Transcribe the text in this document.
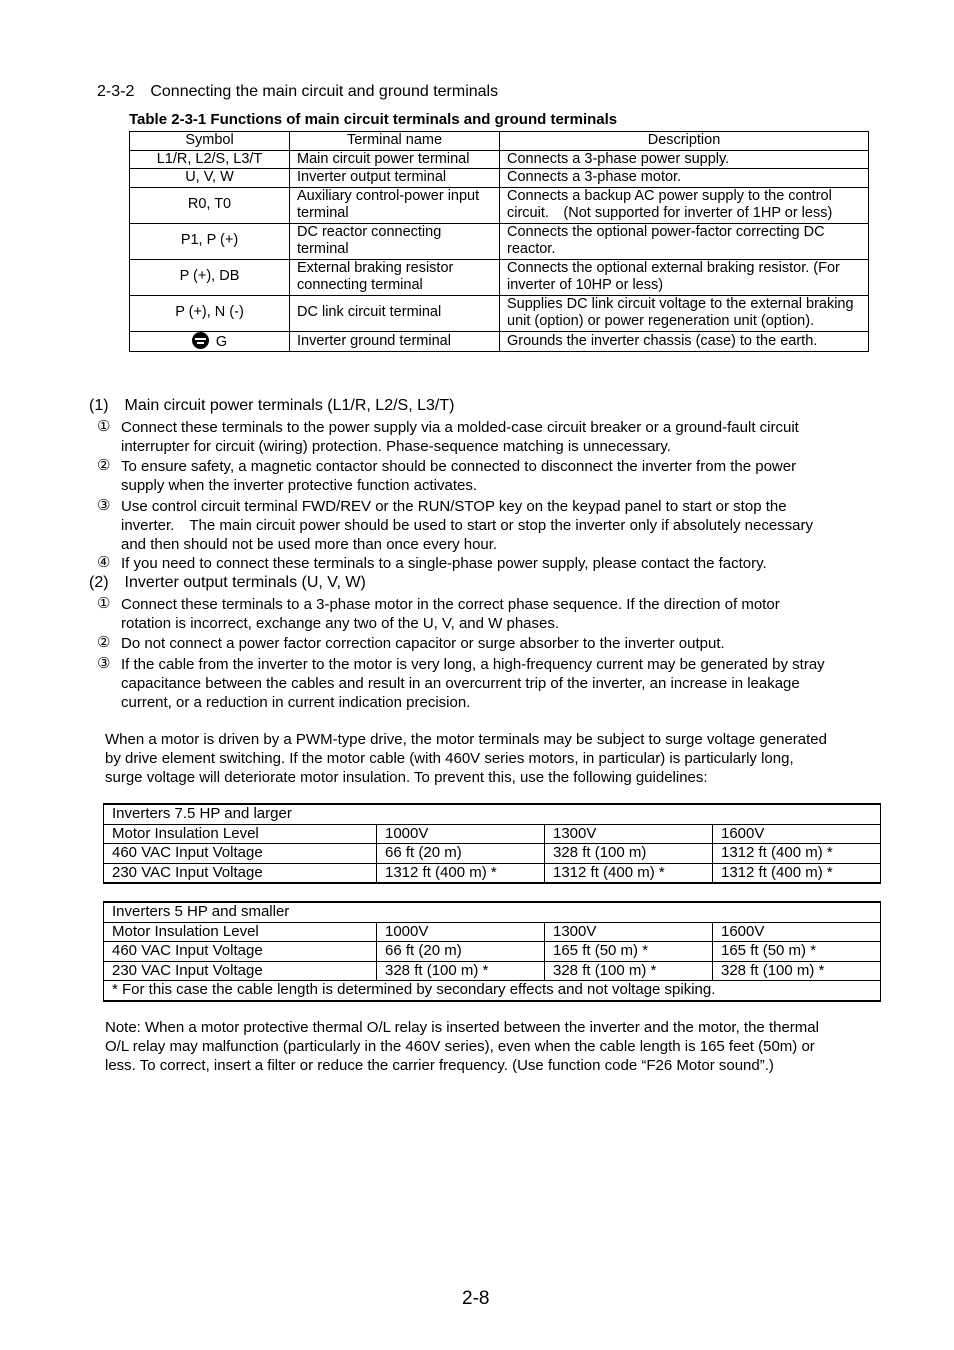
2-3-2 Connecting the main circuit and ground terminals
Table 2-3-1 Functions of main circuit terminals and ground terminals
Symbol	Terminal name	Description
L1/R, L2/S, L3/T	Main circuit power terminal	Connects a 3-phase power supply.
U, V, W	Inverter output terminal	Connects a 3-phase motor.
R0, T0	Auxiliary control-power input terminal	Connects a backup AC power supply to the control circuit. (Not supported for inverter of 1HP or less)
P1, P (+)	DC reactor connecting terminal	Connects the optional power-factor correcting DC reactor.
P (+), DB	External braking resistor connecting terminal	Connects the optional external braking resistor. (For inverter of 10HP or less)
P (+), N (-)	DC link circuit terminal	Supplies DC link circuit voltage to the external braking unit (option) or power regeneration unit (option).
G	Inverter ground terminal	Grounds the inverter chassis (case) to the earth.
(1) Main circuit power terminals (L1/R, L2/S, L3/T)
① Connect these terminals to the power supply via a molded-case circuit breaker or a ground-fault circuit
interrupter for circuit (wiring) protection. Phase-sequence matching is unnecessary.
② To ensure safety, a magnetic contactor should be connected to disconnect the inverter from the power
supply when the inverter protective function activates.
③ Use control circuit terminal FWD/REV or the RUN/STOP key on the keypad panel to start or stop the
inverter. The main circuit power should be used to start or stop the inverter only if absolutely necessary
and then should not be used more than once every hour.
④ If you need to connect these terminals to a single-phase power supply, please contact the factory.
(2) Inverter output terminals (U, V, W)
① Connect these terminals to a 3-phase motor in the correct phase sequence. If the direction of motor
rotation is incorrect, exchange any two of the U, V, and W phases.
② Do not connect a power factor correction capacitor or surge absorber to the inverter output.
③ If the cable from the inverter to the motor is very long, a high-frequency current may be generated by stray
capacitance between the cables and result in an overcurrent trip of the inverter, an increase in leakage
current, or a reduction in current indication precision.
When a motor is driven by a PWM-type drive, the motor terminals may be subject to surge voltage generated
by drive element switching. If the motor cable (with 460V series motors, in particular) is particularly long,
surge voltage will deteriorate motor insulation. To prevent this, use the following guidelines:
Inverters 7.5 HP and larger			
Motor Insulation Level	1000V	1300V	1600V
460 VAC Input Voltage	66 ft (20 m)	328 ft (100 m)	1312 ft (400 m) *
230 VAC Input Voltage	1312 ft (400 m) *	1312 ft (400 m) *	1312 ft (400 m) *
Inverters 5 HP and smaller			
Motor Insulation Level	1000V	1300V	1600V
460 VAC Input Voltage	66 ft (20 m)	165 ft (50 m) *	165 ft (50 m) *
230 VAC Input Voltage	328 ft (100 m) *	328 ft (100 m) *	328 ft (100 m) *
* For this case the cable length is determined by secondary effects and not voltage spiking.			
Note: When a motor protective thermal O/L relay is inserted between the inverter and the motor, the thermal
O/L relay may malfunction (particularly in the 460V series), even when the cable length is 165 feet (50m) or
less. To correct, insert a filter or reduce the carrier frequency. (Use function code “F26 Motor sound”.)
2-8
